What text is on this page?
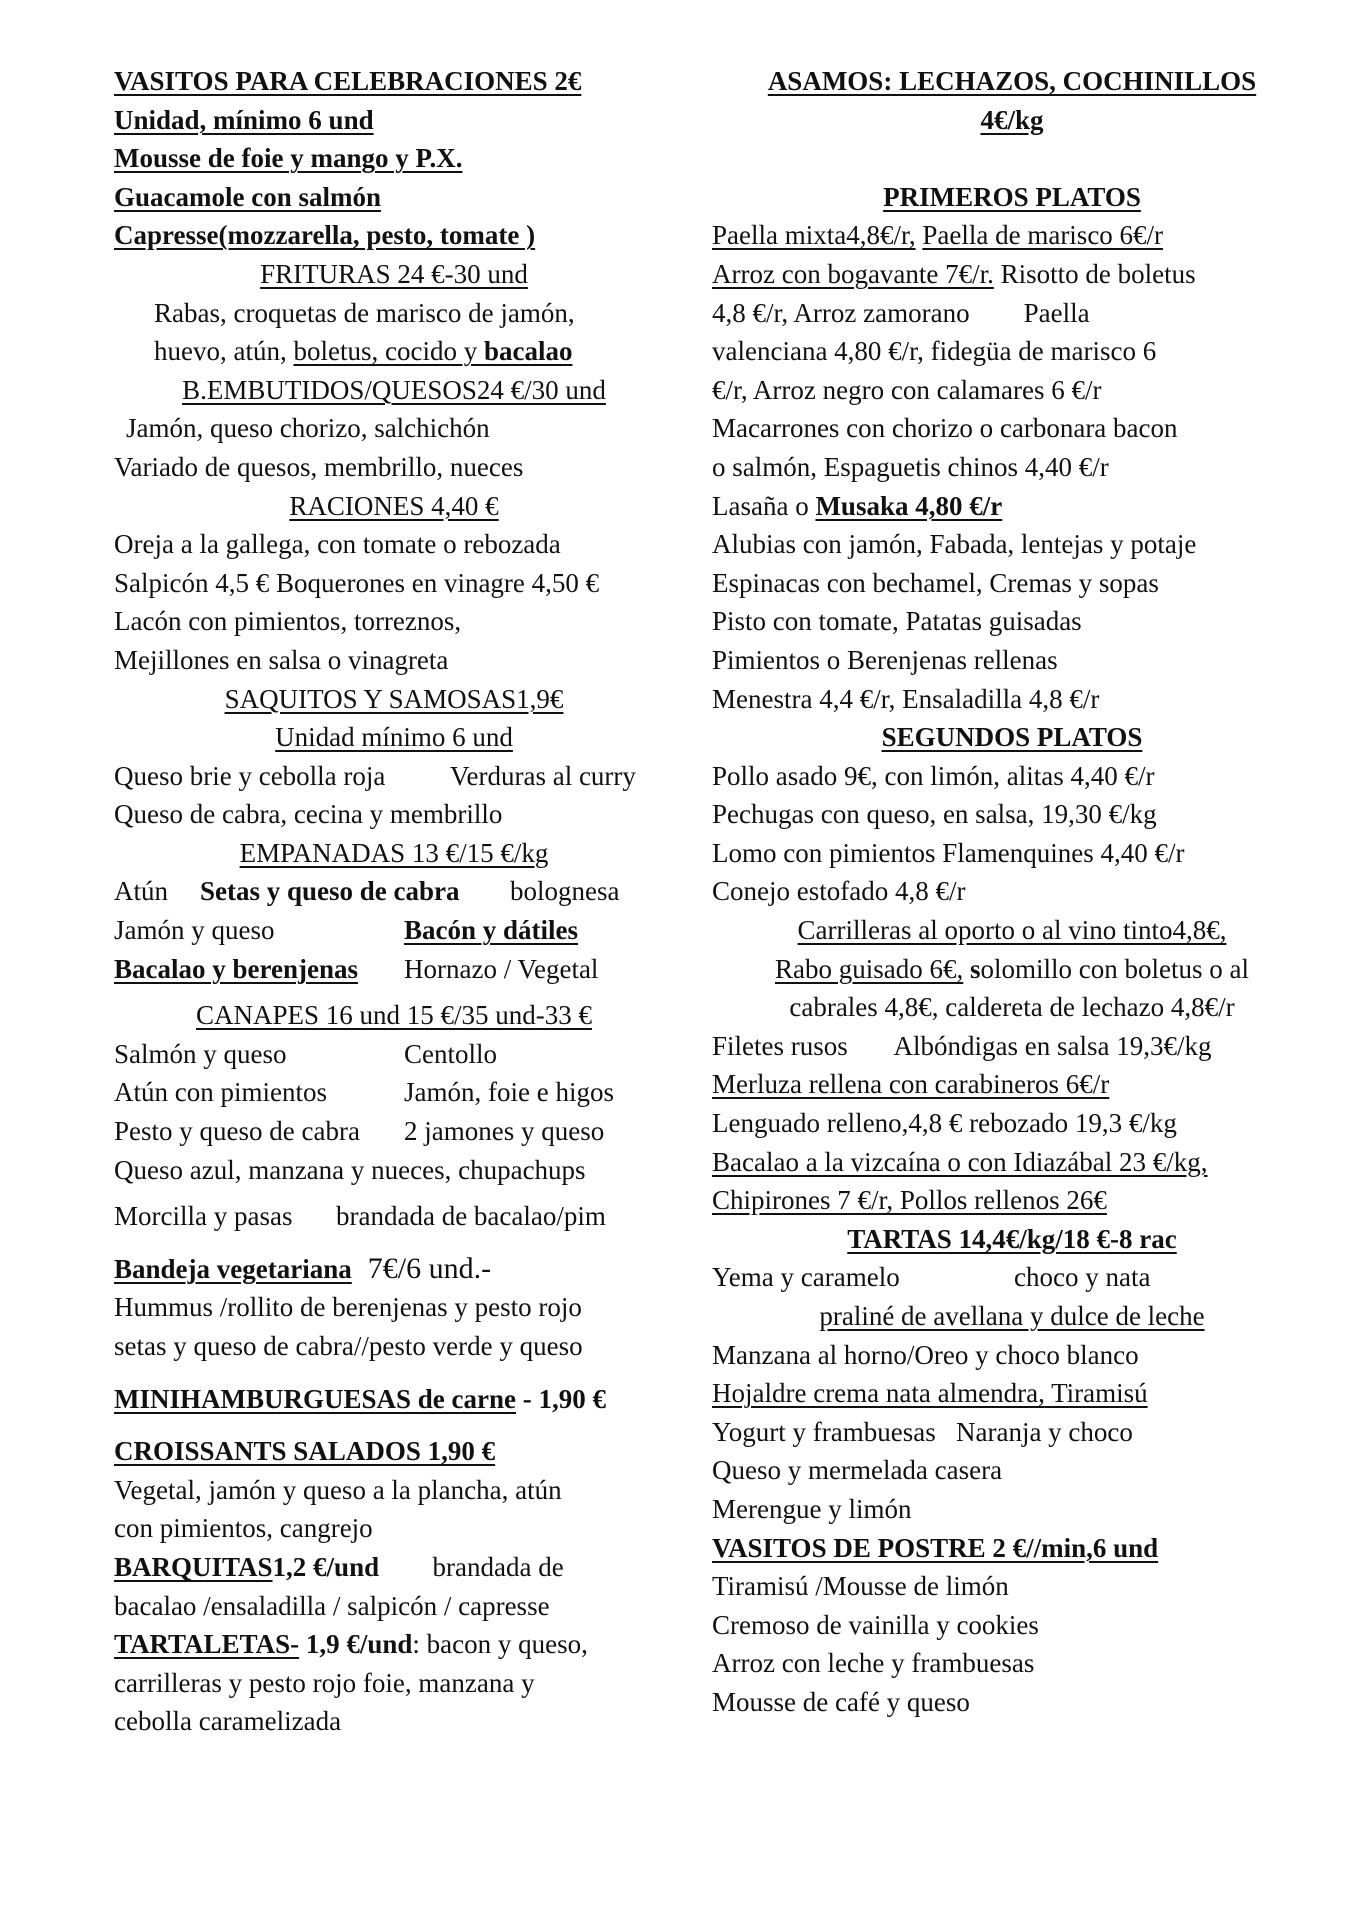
VASITOS PARA CELEBRACIONES 2€

Unidad, mínimo 6 und

Mousse de foie y mango y P.X.

Guacamole con salmón

Capresse(mozzarella, pesto, tomate )

FRITURAS 24 €-30 und

Rabas, croquetas de marisco de jamón,

huevo, atún, boletus, cocido y bacalao

B.EMBUTIDOS/QUESOS24 €/30 und

Jamón, queso chorizo, salchichón

Variado de quesos, membrillo, nueces

RACIONES 4,40 €

Oreja a la gallega, con tomate o rebozada

Salpicón 4,5 € Boquerones en vinagre 4,50 €

Lacón con pimientos, torreznos,

Mejillones en salsa o vinagreta

SAQUITOS Y SAMOSAS1,9€

Unidad mínimo 6 und

Queso brie y cebolla roja Verduras al curry

Queso de cabra, cecina y membrillo

EMPANADAS 13 €/15 €/kg

Atún Setas y queso de cabra bolognesa

Jamón y queso	Bacón y dátiles

Bacalao y berenjenas Hornazo / Vegetal

CANAPES 16 und 15 €/35 und-33 €

Salmón y queso	Centollo

Atún con pimientos	Jamón, foie e higos

Pesto y queso de cabra 2 jamones y queso

Queso azul, manzana y nueces, chupachups

Morcilla y pasas brandada de bacalao/pim

Bandeja vegetariana 7€/6 und.-

Hummus /rollito de berenjenas y pesto rojo

setas y queso de cabra//pesto verde y queso

MINIHAMBURGUESAS de carne - 1,90 €

CROISSANTS SALADOS 1,90 €

Vegetal, jamón y queso a la plancha, atún

con pimientos, cangrejo

BARQUITAS1,2 €/und brandada de

bacalao /ensaladilla / salpicón / capresse

TARTALETAS- 1,9 €/und: bacon y queso,

carrilleras y pesto rojo foie, manzana y

cebolla caramelizada

ASAMOS: LECHAZOS, COCHINILLOS

4€/kg

PRIMEROS PLATOS

Paella mixta4,8€/r, Paella de marisco 6€/r

Arroz con bogavante 7€/r. Risotto de boletus

4,8 €/r, Arroz zamorano        Paella

valenciana 4,80 €/r, fidegüa de marisco 6

€/r, Arroz negro con calamares 6 €/r

Macarrones con chorizo o carbonara bacon

o salmón, Espaguetis chinos 4,40 €/r

Lasaña o Musaka 4,80 €/r

Alubias con jamón, Fabada, lentejas y potaje

Espinacas con bechamel, Cremas y sopas

Pisto con tomate, Patatas guisadas

Pimientos o Berenjenas rellenas

Menestra 4,4 €/r, Ensaladilla 4,8 €/r

SEGUNDOS PLATOS

Pollo asado 9€, con limón, alitas 4,40 €/r

Pechugas con queso, en salsa, 19,30 €/kg

Lomo con pimientos Flamenquines 4,40 €/r

Conejo estofado 4,8 €/r

Carrilleras al oporto o al vino tinto4,8€,

Rabo guisado 6€, solomillo con boletus o al

cabrales 4,8€, caldereta de lechazo 4,8€/r

Filetes rusos       Albóndigas en salsa 19,3€/kg

Merluza rellena con carabineros 6€/r

Lenguado relleno,4,8 € rebozado 19,3 €/kg

Bacalao a la vizcaína o con Idiazábal 23 €/kg,

Chipirones 7 €/r, Pollos rellenos 26€

TARTAS 14,4€/kg/18 €-8 rac

Yema y caramelo	choco y nata

praliné de avellana y dulce de leche

Manzana al horno/Oreo y choco blanco

Hojaldre crema nata almendra, Tiramisú

Yogurt y frambuesas   Naranja y choco

Queso y mermelada casera

Merengue y limón

VASITOS DE POSTRE 2 €//min,6 und

Tiramisú /Mousse de limón

Cremoso de vainilla y cookies

Arroz con leche y frambuesas

Mousse de café y queso
